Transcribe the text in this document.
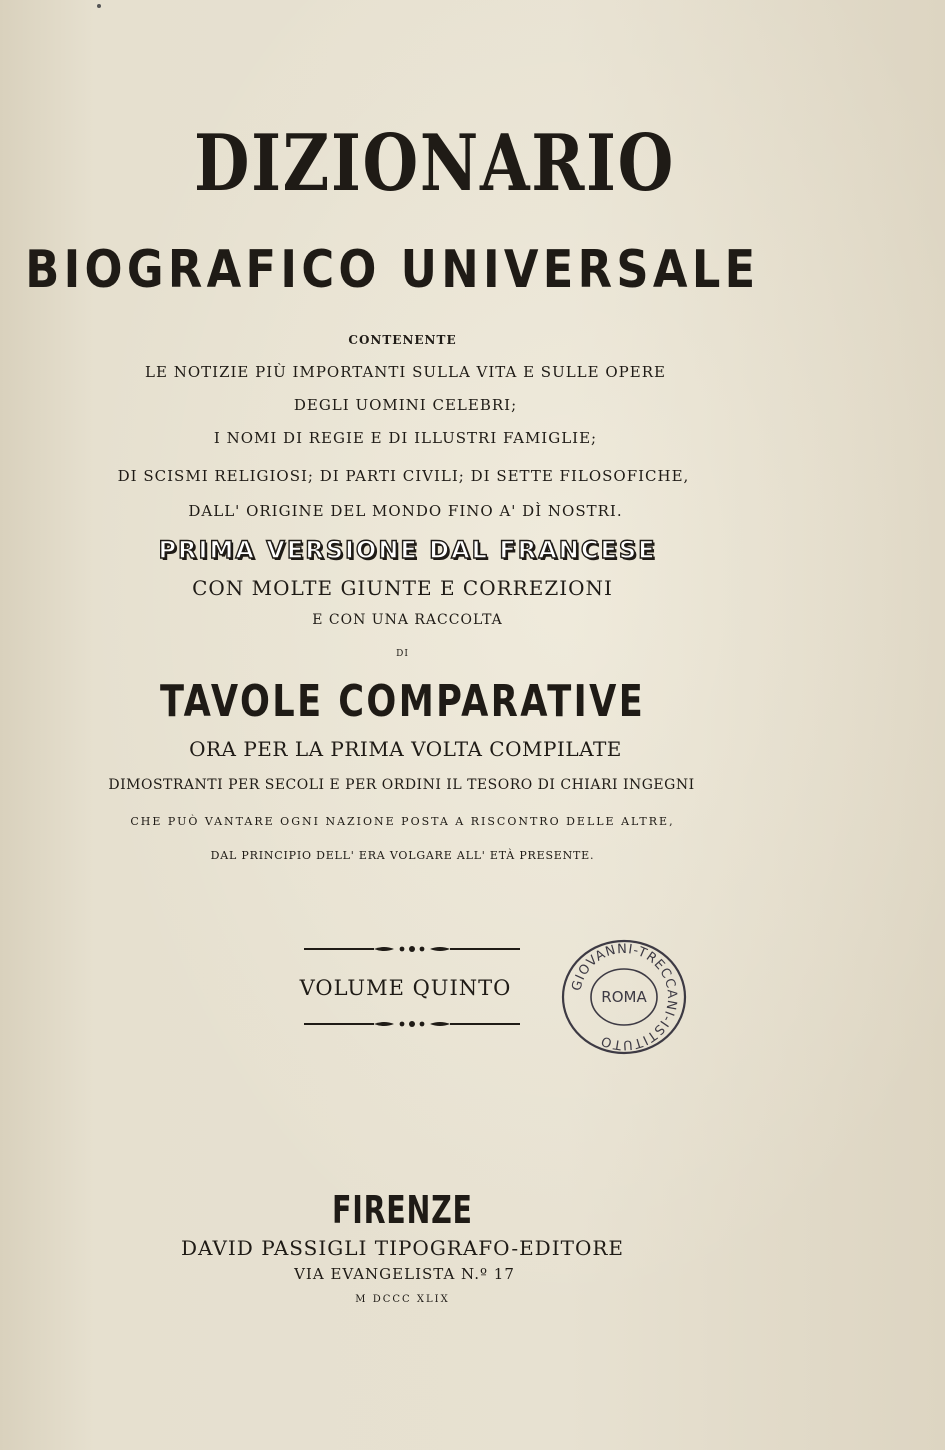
DIZIONARIO
BIOGRAFICO UNIVERSALE
CONTENENTE
LE NOTIZIE PIÙ IMPORTANTI SULLA VITA E SULLE OPERE
DEGLI UOMINI CELEBRI;
I NOMI DI REGIE E DI ILLUSTRI FAMIGLIE;
DI SCISMI RELIGIOSI; DI PARTI CIVILI; DI SETTE FILOSOFICHE,
DALL' ORIGINE DEL MONDO FINO A' DÌ NOSTRI.
PRIMA VERSIONE DAL FRANCESE
CON MOLTE GIUNTE E CORREZIONI
E CON UNA RACCOLTA
DI
TAVOLE COMPARATIVE
ORA PER LA PRIMA VOLTA COMPILATE
DIMOSTRANTI PER SECOLI E PER ORDINI IL TESORO DI CHIARI INGEGNI
CHE PUÒ VANTARE OGNI NAZIONE POSTA A RISCONTRO DELLE ALTRE,
DAL PRINCIPIO DELL' ERA VOLGARE ALL' ETÀ PRESENTE.
VOLUME QUINTO	GIOVANNI-TRECCANI-ISTITUTO
ROMA
FIRENZE
DAVID PASSIGLI TIPOGRAFO-EDITORE
VIA EVANGELISTA N.º 17
M DCCC XLIX
